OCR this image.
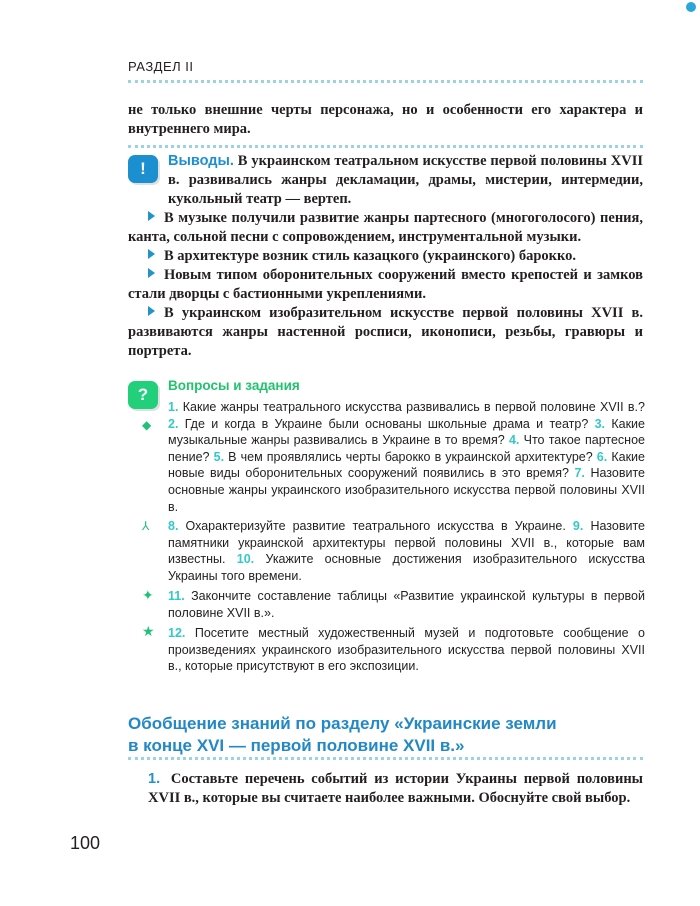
РАЗДЕЛ II

не только внешние черты персонажа, но и особенности его характера и внутреннего мира.

!	Выводы. В украинском театральном искусстве первой половины XVII в. развивались жанры декламации, драмы, мистерии, интермедии, кукольный театр — вертеп.

В музыке получили развитие жанры партесного (многоголосого) пения, канта, сольной песни с сопровождением, инструментальной музыки.

В архитектуре возник стиль казацкого (украинского) барокко.

Новым типом оборонительных сооружений вместо крепостей и замков стали дворцы с бастионными укреплениями.

В украинском изобразительном искусстве первой половины XVII в. развиваются жанры настенной росписи, иконописи, резьбы, гравюры и портрета.

?	Вопросы и задания
◆

1. Какие жанры театрального искусства развивались в первой половине XVII в.? 2. Где и когда в Украине были основаны школьные драма и театр? 3. Какие музыкальные жанры развивались в Украине в то время? 4. Что такое партесное пение? 5. В чем проявлялись черты барокко в украинской архитектуре? 6. Какие новые виды оборонительных сооружений появились в это время? 7. Назовите основные жанры украинского изобразительного искусства первой половины XVII в.

⅄ 8. Охарактеризуйте развитие театрального искусства в Украине. 9. Назовите памятники украинской архитектуры первой половины XVII в., которые вам известны. 10. Укажите основные достижения изобразительного искусства Украины того времени.

✦ 11. Закончите составление таблицы «Развитие украинской культуры в первой половине XVII в.».

★ 12. Посетите местный художественный музей и подготовьте сообщение о произведениях украинского изобразительного искусства первой половины XVII в., которые присутствуют в его экспозиции.

Обобщение знаний по разделу «Украинские земли
в конце XVI — первой половине XVII в.»

1. Составьте перечень событий из истории Украины первой половины XVII в., которые вы считаете наиболее важными. Обоснуйте свой выбор.

100
